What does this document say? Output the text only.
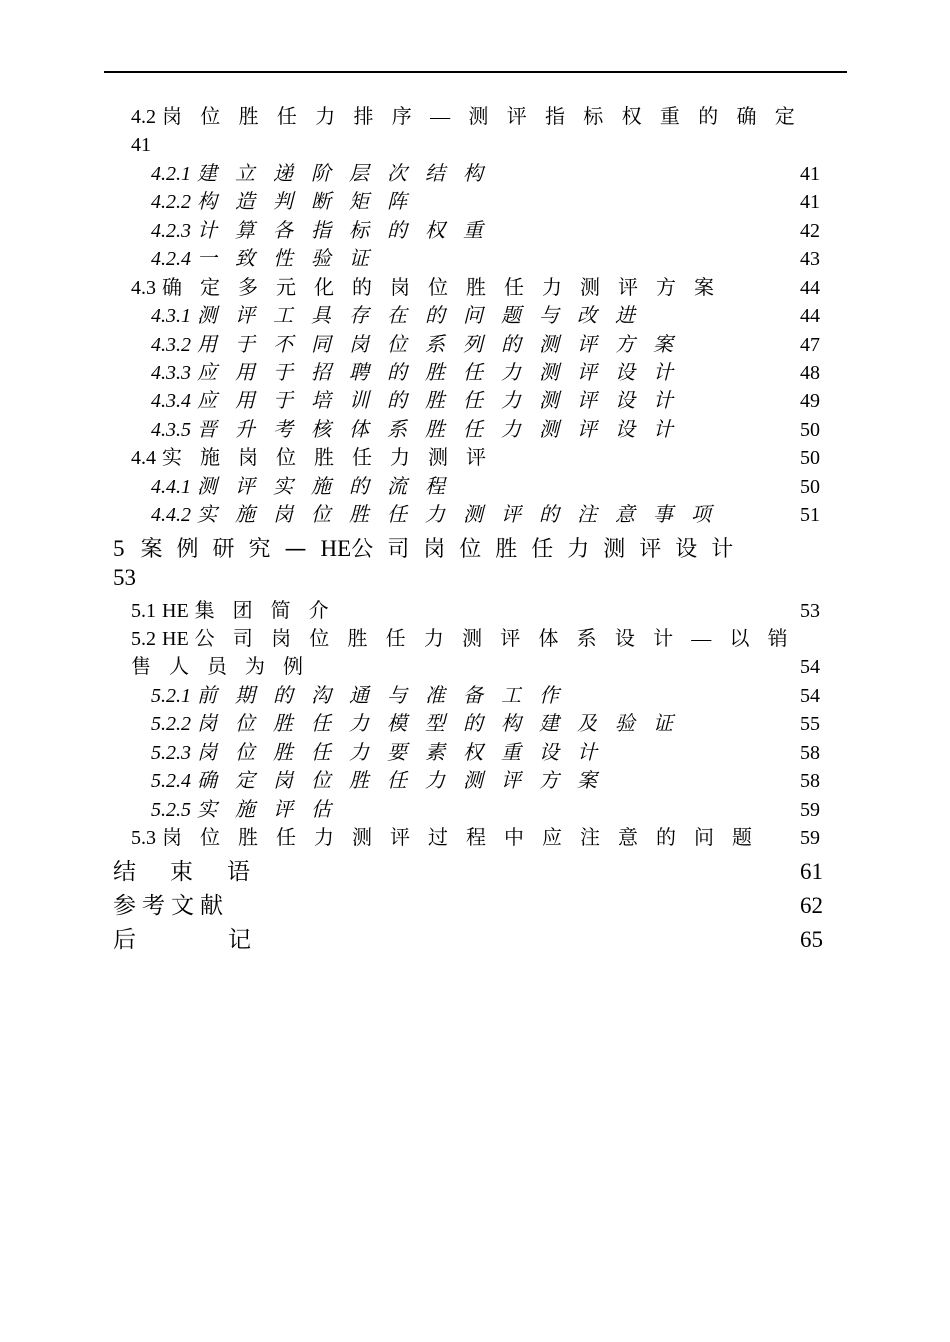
4.2 岗位胜任力排序—测评指标权重的确定
41
4.2.1 建立递阶层次结构	41
4.2.2 构造判断矩阵	41
4.2.3 计算各指标的权重	42
4.2.4 一致性验证	43
4.3 确定多元化的岗位胜任力测评方案	44
4.3.1 测评工具存在的问题与改进	44
4.3.2 用于不同岗位系列的测评方案	47
4.3.3 应用于招聘的胜任力测评设计	48
4.3.4 应用于培训的胜任力测评设计	49
4.3.5 晋升考核体系胜任力测评设计	50
4.4 实施岗位胜任力测评	50
4.4.1 测评实施的流程	50
4.4.2 实施岗位胜任力测评的注意事项	51
5 案例研究—HE公司岗位胜任力测评设计
53
5.1 HE 集团简介	53
5.2 HE 公司岗位胜任力测评体系设计—以销
售人员为例	54
5.2.1 前期的沟通与准备工作	54
5.2.2 岗位胜任力模型的构建及验证	55
5.2.3 岗位胜任力要素权重设计	58
5.2.4 确定岗位胜任力测评方案	58
5.2.5 实施评估	59
5.3 岗位胜任力测评过程中应注意的问题 59
结 束 语	61
参考文献	62
后	记	65
